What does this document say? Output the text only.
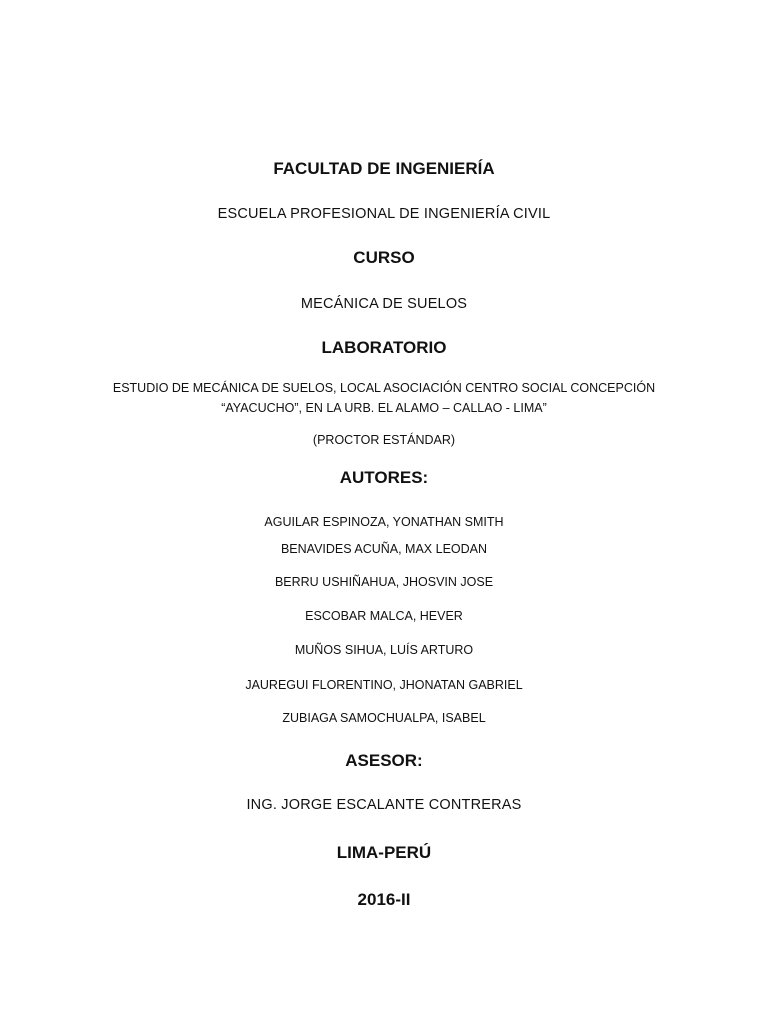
FACULTAD DE INGENIERÍA
ESCUELA PROFESIONAL DE INGENIERÍA CIVIL
CURSO
MECÁNICA DE SUELOS
LABORATORIO
ESTUDIO DE MECÁNICA DE SUELOS, LOCAL ASOCIACIÓN CENTRO SOCIAL CONCEPCIÓN
“AYACUCHO”, EN LA URB. EL ALAMO – CALLAO - LIMA”
(PROCTOR ESTÁNDAR)
AUTORES:
AGUILAR ESPINOZA, YONATHAN SMITH
BENAVIDES ACUÑA, MAX LEODAN
BERRU USHIÑAHUA, JHOSVIN JOSE
ESCOBAR MALCA, HEVER
MUÑOS SIHUA, LUÍS ARTURO
JAUREGUI FLORENTINO, JHONATAN GABRIEL
ZUBIAGA SAMOCHUALPA, ISABEL
ASESOR:
ING. JORGE ESCALANTE CONTRERAS
LIMA-PERÚ
2016-II
